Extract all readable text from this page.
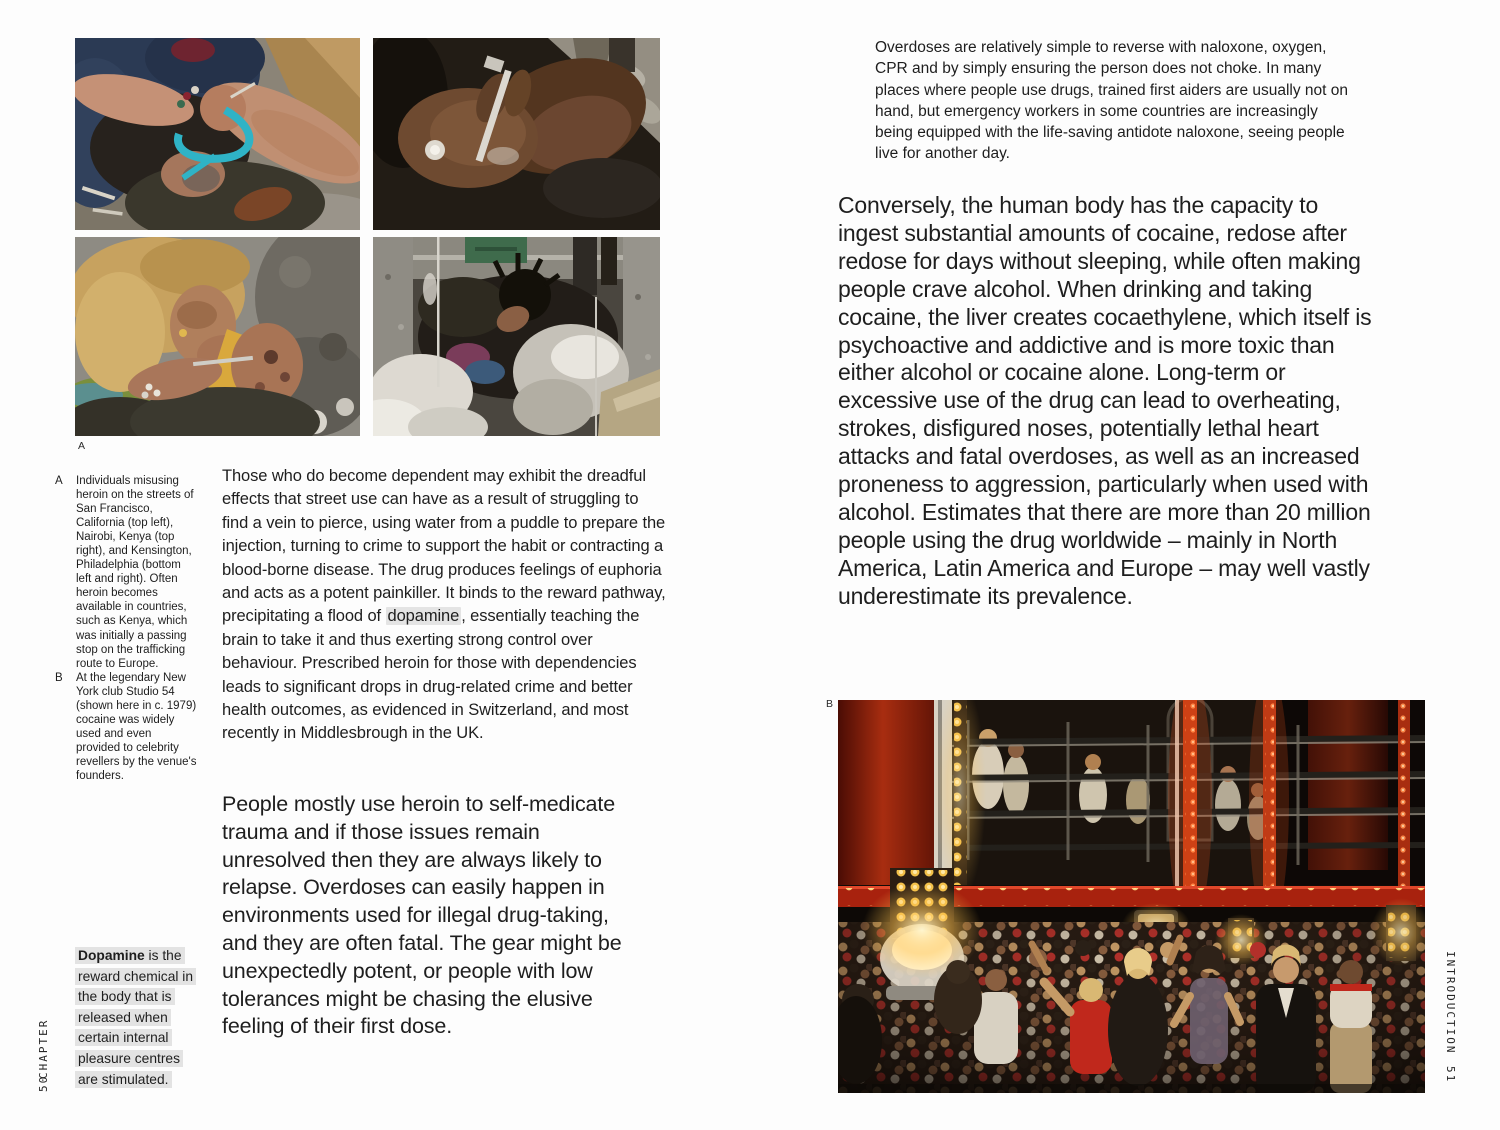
A
A	Individuals misusing heroin on the streets of San Francisco, California (top left), Nairobi, Kenya (top right), and Kensington, Philadelphia (bottom left and right). Often heroin becomes available in countries, such as Kenya, which was initially a passing stop on the trafficking route to Europe.
B	At the legendary New York club Studio 54 (shown here in c. 1979) cocaine was widely used and even provided to celebrity revellers by the venue's founders.
Those who do become dependent may exhibit the dreadful effects that street use can have as a result of struggling to find a vein to pierce, using water from a puddle to prepare the injection, turning to crime to support the habit or contracting a blood-borne disease. The drug produces feelings of euphoria and acts as a potent painkiller. It binds to the reward pathway, precipitating a flood of dopamine , essentially teaching the brain to take it and thus exerting strong control over behaviour. Prescribed heroin for those with dependencies leads to significant drops in drug-related crime and better health outcomes, as evidenced in Switzerland, and most recently in Middlesbrough in the UK.
People mostly use heroin to self-medicate trauma and if those issues remain unresolved then they are always likely to relapse. Overdoses can easily happen in environments used for illegal drug-taking, and they are often fatal. The gear might be unexpectedly potent, or people with low tolerances might be chasing the elusive feeling of their first dose.
Dopamine is the reward chemical in the body that is released when certain internal pleasure centres are stimulated.
CHAPTER
50
Overdoses are relatively simple to reverse with naloxone, oxygen, CPR and by simply ensuring the person does not choke. In many places where people use drugs, trained first aiders are usually not on hand, but emergency workers in some countries are increasingly being equipped with the life-saving antidote naloxone, seeing people live for another day.
Conversely, the human body has the capacity to ingest substantial amounts of cocaine, redose after redose for days without sleeping, while often making people crave alcohol. When drinking and taking cocaine, the liver creates cocaethylene, which itself is psychoactive and addictive and is more toxic than either alcohol or cocaine alone. Long-term or excessive use of the drug can lead to overheating, strokes, disfigured noses, potentially lethal heart attacks and fatal overdoses, as well as an increased proneness to aggression, particularly when used with alcohol. Estimates that there are more than 20 million people using the drug worldwide – mainly in North America, Latin America and Europe – may well vastly underestimate its prevalence.
B
INTRODUCTION
51
